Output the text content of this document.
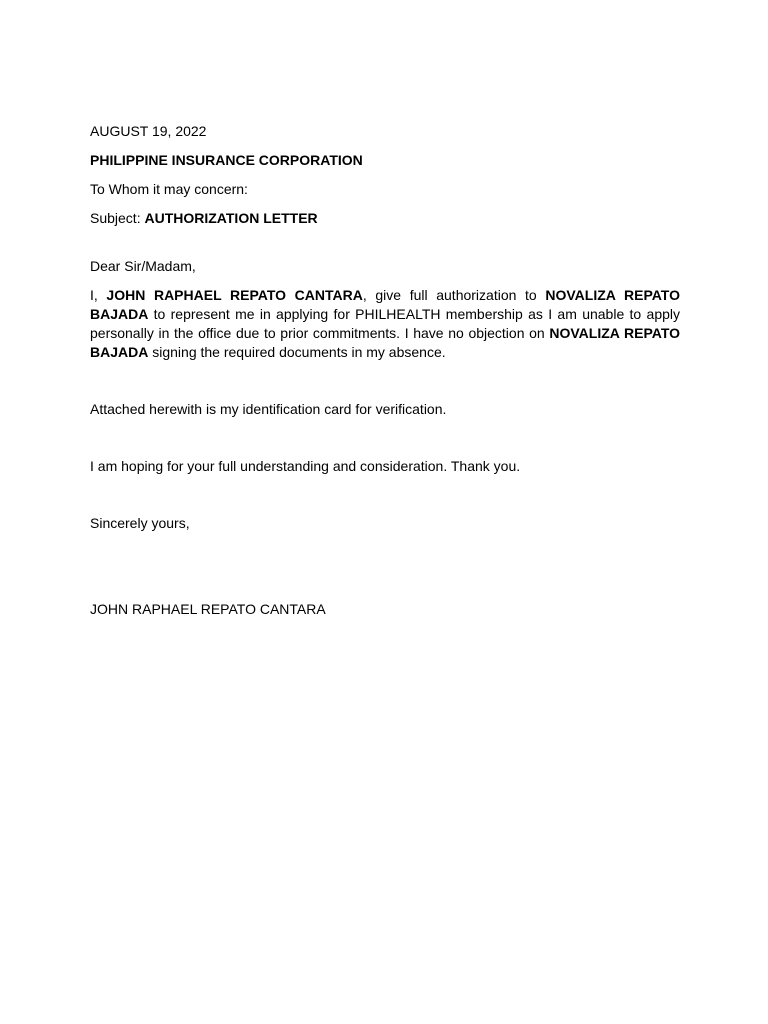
AUGUST 19, 2022

PHILIPPINE INSURANCE CORPORATION

To Whom it may concern:

Subject: AUTHORIZATION LETTER

Dear Sir/Madam,

I, JOHN RAPHAEL REPATO CANTARA, give full authorization to NOVALIZA REPATO BAJADA to represent me in applying for PHILHEALTH membership as I am unable to apply personally in the office due to prior commitments. I have no objection on NOVALIZA REPATO BAJADA signing the required documents in my absence.

Attached herewith is my identification card for verification.

I am hoping for your full understanding and consideration. Thank you.

Sincerely yours,

JOHN RAPHAEL REPATO CANTARA
